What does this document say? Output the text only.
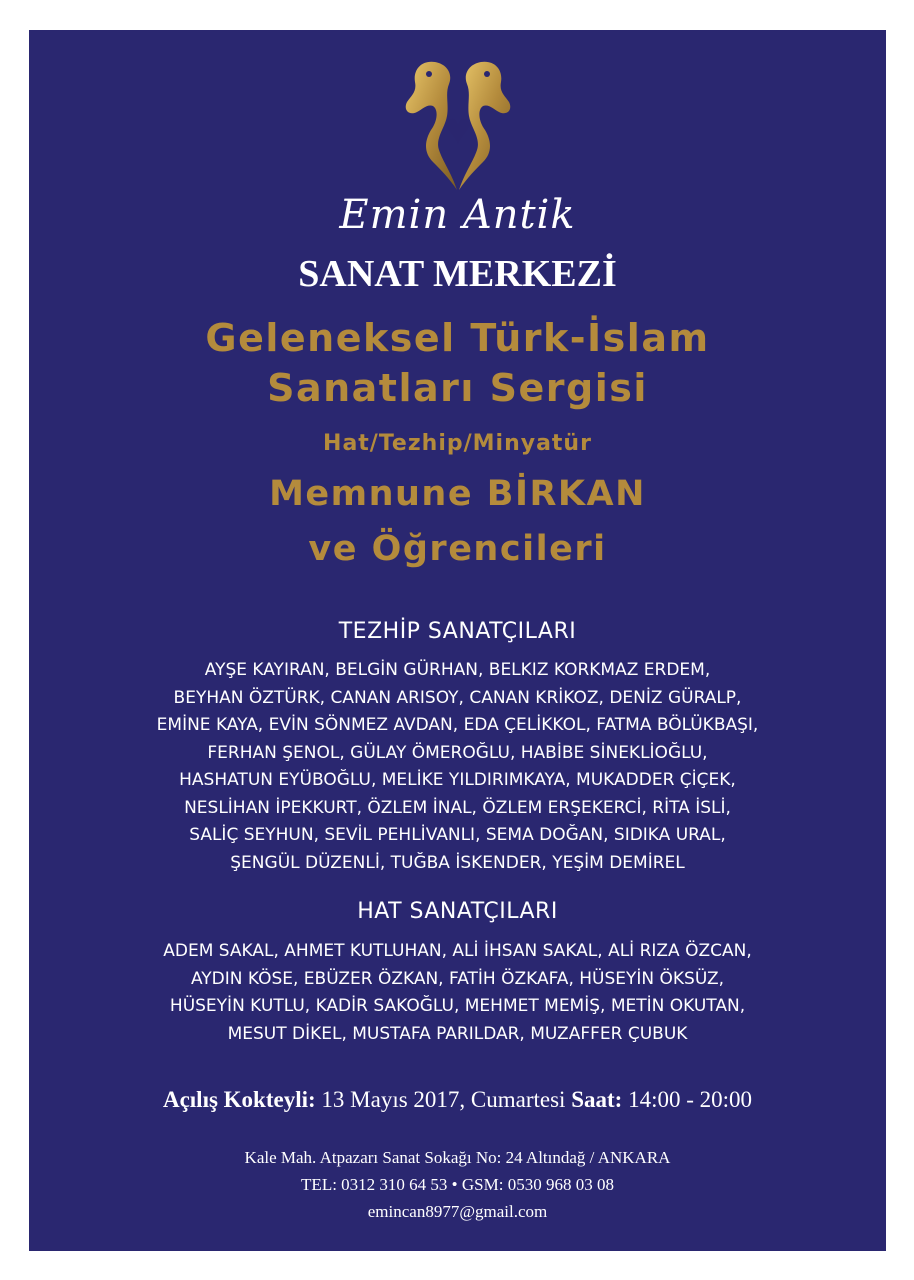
Emin Antik
SANAT MERKEZİ
Geleneksel Türk-İslam
Sanatları Sergisi
Hat/Tezhip/Minyatür
Memnune BİRKAN
ve Öğrencileri
TEZHİP SANATÇILARI
AYŞE KAYIRAN, BELGİN GÜRHAN, BELKIZ KORKMAZ ERDEM,
BEYHAN ÖZTÜRK, CANAN ARISOY, CANAN KRİKOZ, DENİZ GÜRALP,
EMİNE KAYA, EVİN SÖNMEZ AVDAN, EDA ÇELİKKOL, FATMA BÖLÜKBAŞI,
FERHAN ŞENOL, GÜLAY ÖMEROĞLU, HABİBE SİNEKLİOĞLU,
HASHATUN EYÜBOĞLU, MELİKE YILDIRIMKAYA, MUKADDER ÇİÇEK,
NESLİHAN İPEKKURT, ÖZLEM İNAL, ÖZLEM ERŞEKERCİ, RİTA İSLİ,
SALİÇ SEYHUN, SEVİL PEHLİVANLI, SEMA DOĞAN, SIDIKA URAL,
ŞENGÜL DÜZENLİ, TUĞBA İSKENDER, YEŞİM DEMİREL
HAT SANATÇILARI
ADEM SAKAL, AHMET KUTLUHAN, ALİ İHSAN SAKAL, ALİ RIZA ÖZCAN,
AYDIN KÖSE, EBÜZER ÖZKAN, FATİH ÖZKAFA, HÜSEYİN ÖKSÜZ,
HÜSEYİN KUTLU, KADİR SAKOĞLU, MEHMET MEMİŞ, METİN OKUTAN,
MESUT DİKEL, MUSTAFA PARILDAR, MUZAFFER ÇUBUK
Açılış Kokteyli: 13 Mayıs 2017, Cumartesi Saat: 14:00 - 20:00
Kale Mah. Atpazarı Sanat Sokağı No: 24 Altındağ / ANKARA
TEL: 0312 310 64 53 • GSM: 0530 968 03 08
emincan8977@gmail.com
